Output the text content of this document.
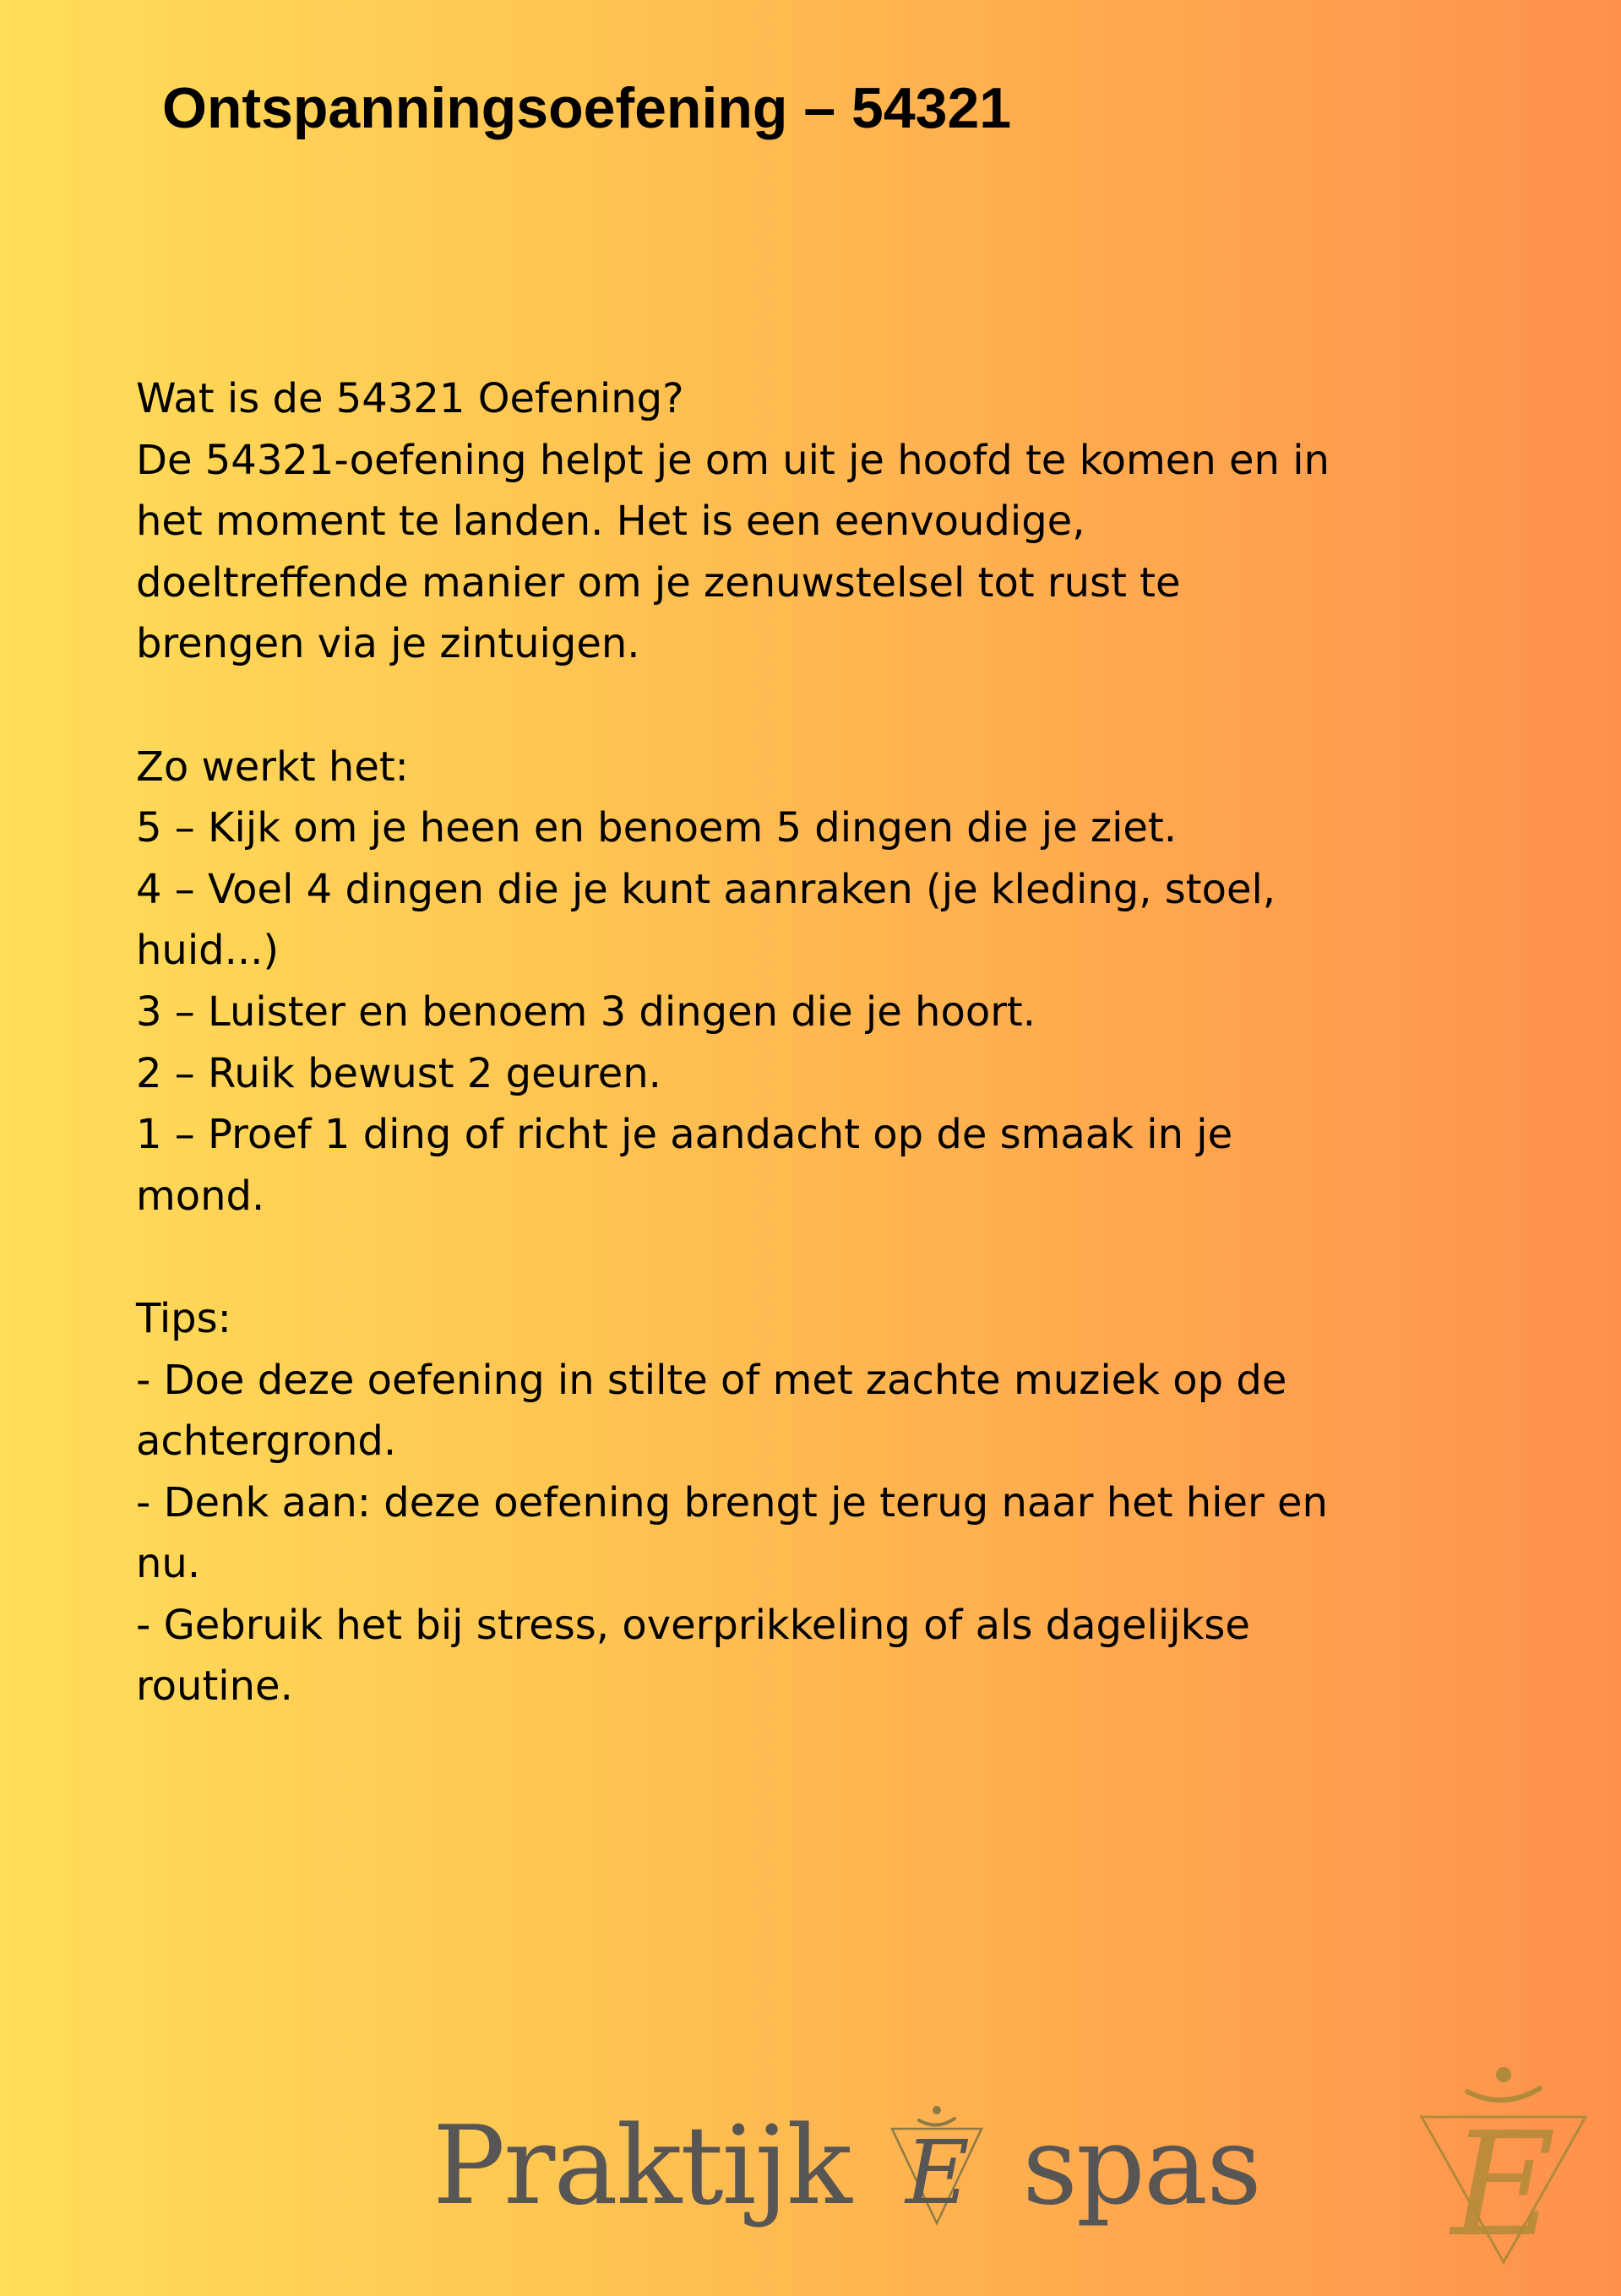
Ontspanningsoefening – 54321

Wat is de 54321 Oefening?

De 54321-oefening helpt je om uit je hoofd te komen en in

het moment te landen. Het is een eenvoudige,

doeltreffende manier om je zenuwstelsel tot rust te

brengen via je zintuigen.

Zo werkt het:

5 – Kijk om je heen en benoem 5 dingen die je ziet.

4 – Voel 4 dingen die je kunt aanraken (je kleding, stoel,

huid...)

3 – Luister en benoem 3 dingen die je hoort.

2 – Ruik bewust 2 geuren.

1 – Proef 1 ding of richt je aandacht op de smaak in je

mond.

Tips:

- Doe deze oefening in stilte of met zachte muziek op de

achtergrond.

- Denk aan: deze oefening brengt je terug naar het hier en

nu.

- Gebruik het bij stress, overprikkeling of als dagelijkse

routine.

Praktijk E spas E
